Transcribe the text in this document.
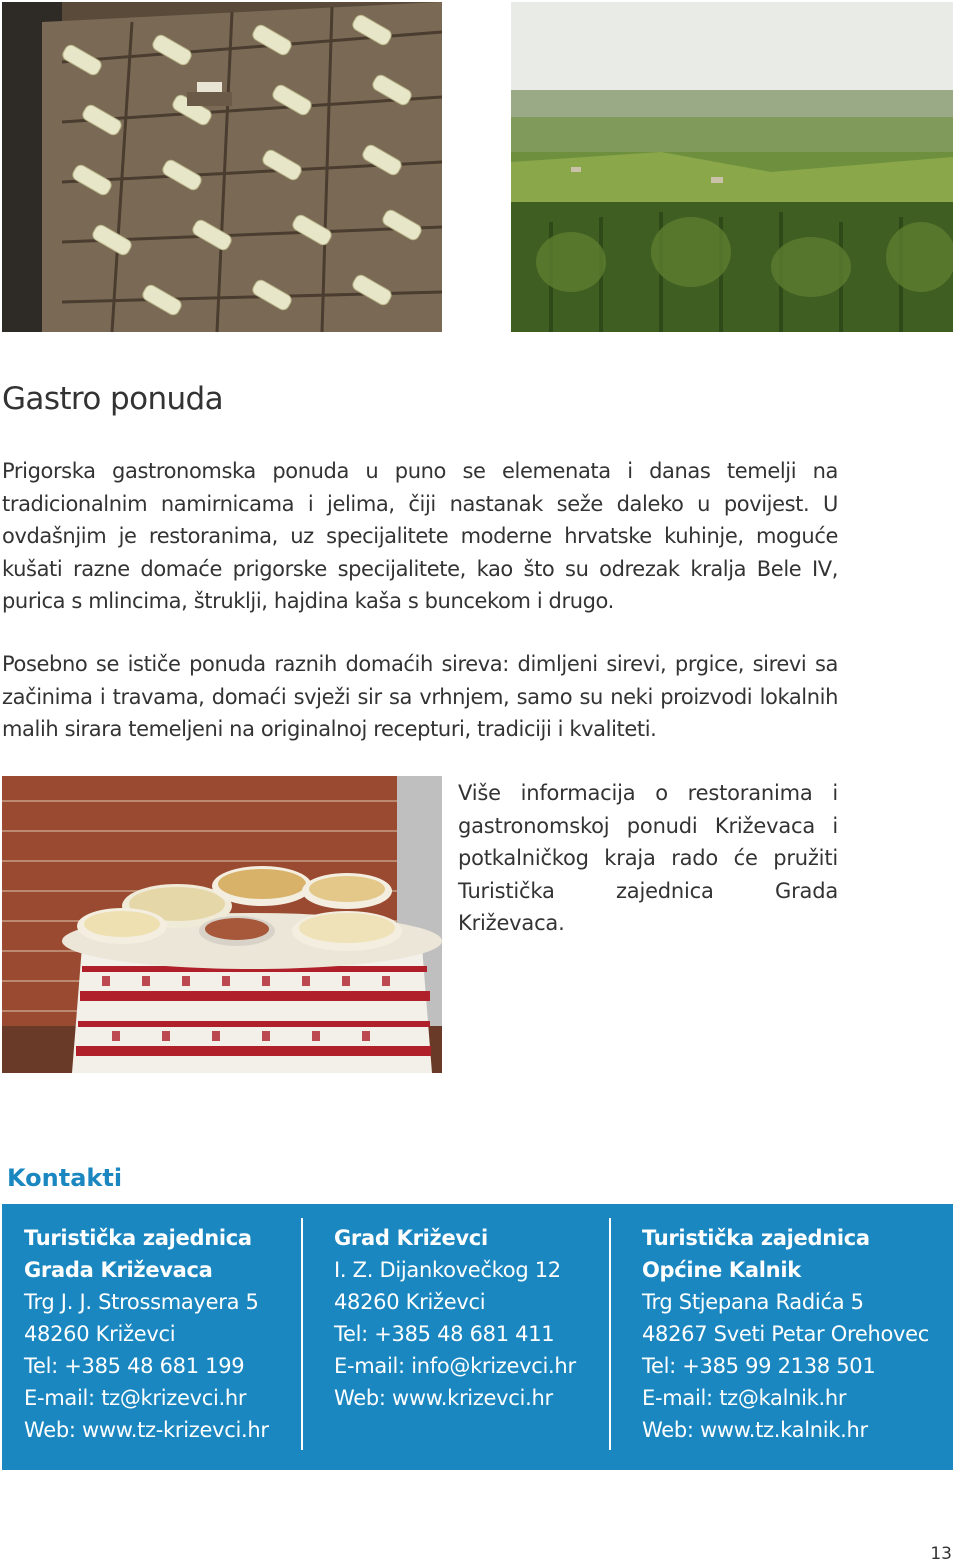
Gastro ponuda

Prigorska gastronomska ponuda u puno se elemenata i danas temelji na tradicionalnim namirnicama i jelima, čiji nastanak seže daleko u povijest. U ovdašnjim je restoranima, uz specijalitete moderne hrvatske kuhinje, moguće kušati razne domaće prigorske specijalitete, kao što su odrezak kralja Bele IV, purica s mlincima, štruklji, hajdina kaša s buncekom i drugo.

Posebno se ističe ponuda raznih domaćih sireva: dimljeni sirevi, prgice, sirevi sa začinima i travama, domaći svježi sir sa vrhnjem, samo su neki proizvodi lokalnih malih sirara temeljeni na originalnoj recepturi, tradiciji i kvaliteti.

Više informacija o restoranima i gastronomskoj ponudi Križevaca i potkalničkog kraja rado će pružiti Turistička zajednica Grada Križevaca.

Kontakti
Turistička zajednica
Grada Križevaca
Trg J. J. Strossmayera 5
48260 Križevci
Tel: +385 48 681 199
E-mail: tz@krizevci.hr
Web: www.tz-krizevci.hr
Grad Križevci
I. Z. Dijankovečkog 12
48260 Križevci
Tel: +385 48 681 411
E-mail: info@krizevci.hr
Web: www.krizevci.hr
Turistička zajednica
Općine Kalnik
Trg Stjepana Radića 5
48267 Sveti Petar Orehovec
Tel: +385 99 2138 501
E-mail: tz@kalnik.hr
Web: www.tz.kalnik.hr
13
